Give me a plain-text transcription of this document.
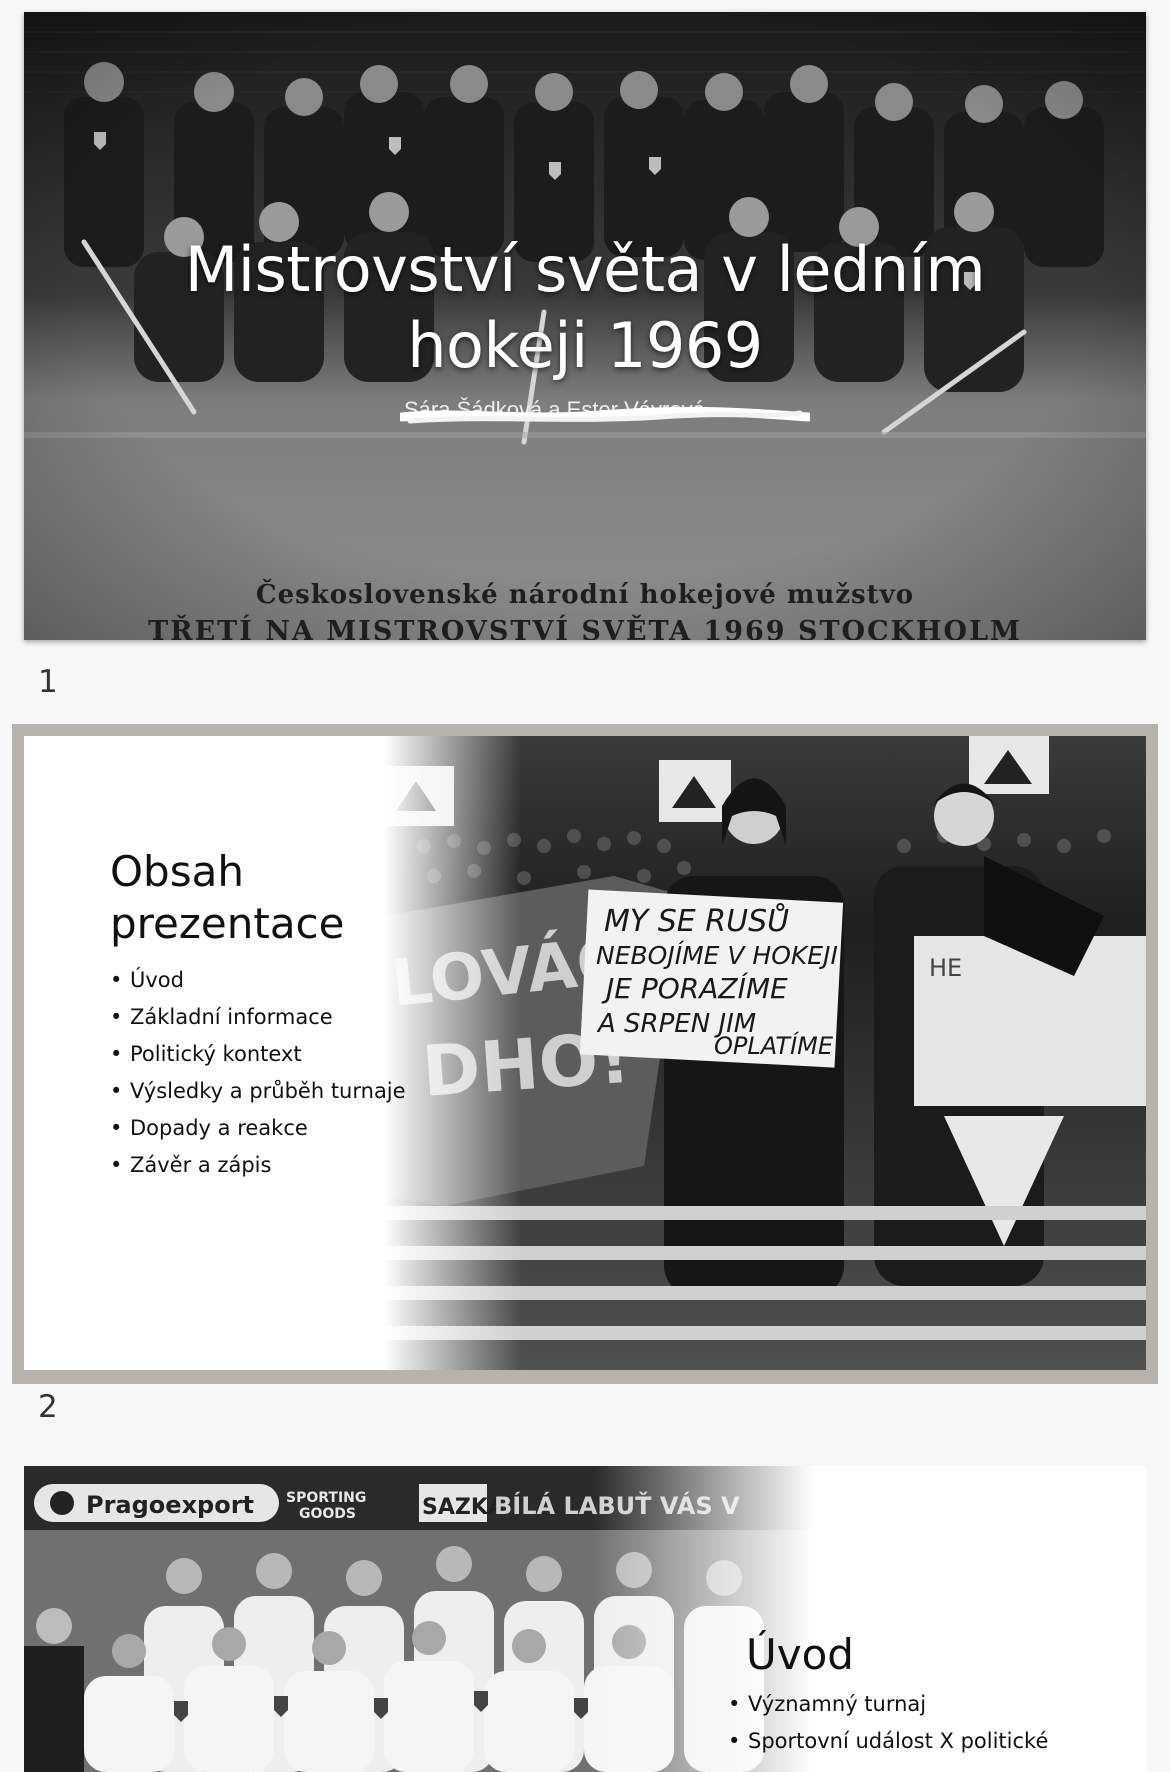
Mistrovství světa v ledním
hokeji 1969
Sára Šádková a Ester Vávrová
Československé národní hokejové mužstvo
TŘETÍ NA MISTROVSTVÍ SVĚTA 1969 STOCKHOLM
1
Obsah
prezentace
• Úvod
• Základní informace
• Politický kontext
• Výsledky a průběh turnaje
• Dopady a reakce
• Závěr a zápis
2
Úvod
• Významný turnaj
• Sportovní událost X politické
